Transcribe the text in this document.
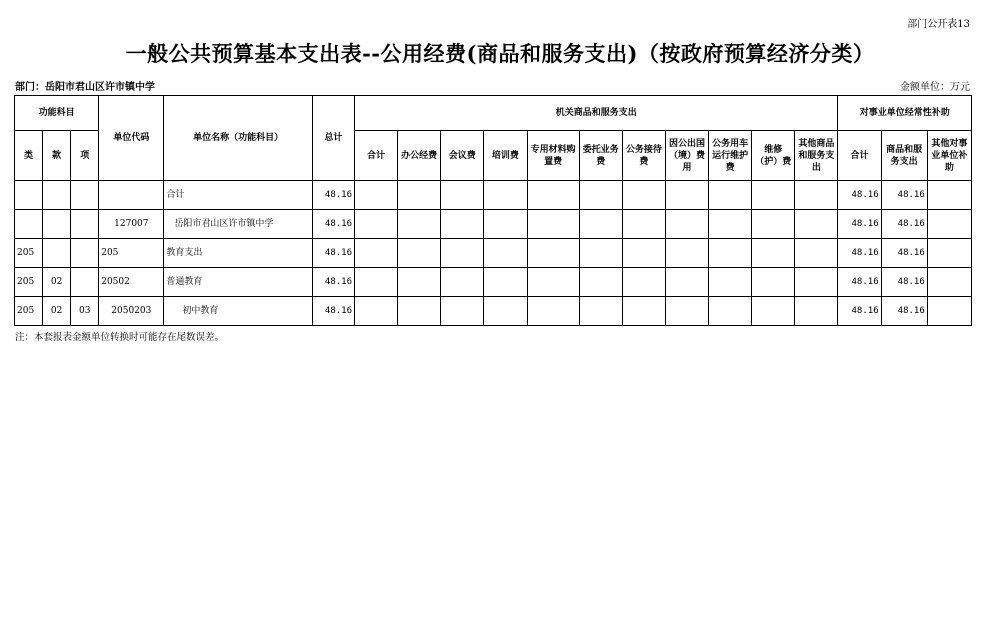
部门公开表13
一般公共预算基本支出表--公用经费(商品和服务支出)（按政府预算经济分类）
部门：岳阳市君山区许市镇中学	金额单位：万元
功能科目			单位代码	单位名称（功能科目）	总计	机关商品和服务支出											对事业单位经常性补助		
类	款	项				合计	办公经费	会议费	培训费	专用材料购置费	委托业务费	公务接待费	因公出国（境）费用	公务用车运行维护费	维修（护）费	其他商品和服务支出	合计	商品和服务支出	其他对事业单位补助
				合计	48.16												48.16	48.16	
			127007	岳阳市君山区许市镇中学	48.16												48.16	48.16	
205			205	教育支出	48.16												48.16	48.16	
205	02		20502	普通教育	48.16												48.16	48.16	
205	02	03	2050203	初中教育	48.16												48.16	48.16	
注：本套报表金额单位转换时可能存在尾数误差。
